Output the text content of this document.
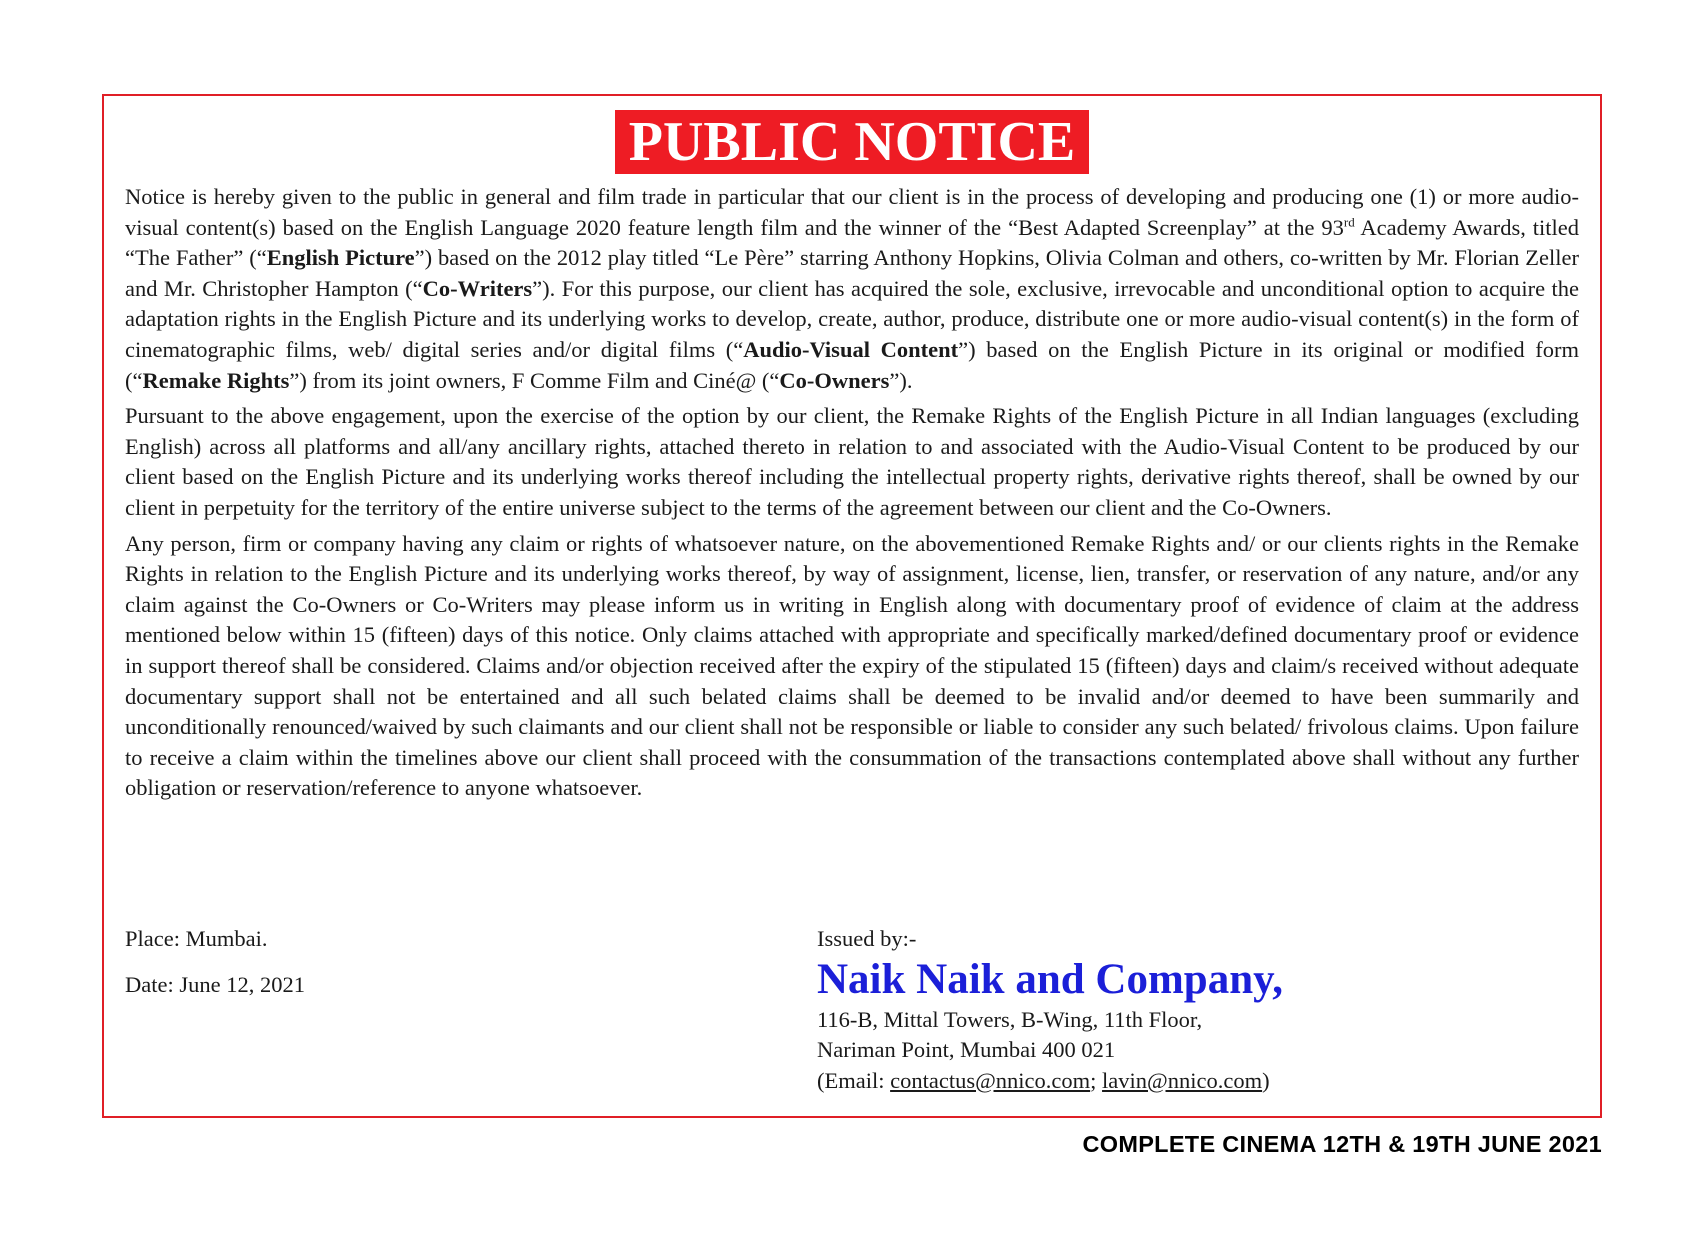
PUBLIC NOTICE

Notice is hereby given to the public in general and film trade in particular that our client is in the process of developing and producing one (1) or more audio-visual content(s) based on the English Language 2020 feature length film and the winner of the “Best Adapted Screenplay” at the 93rd Academy Awards, titled “The Father” (“English Picture”) based on the 2012 play titled “Le Père” starring Anthony Hopkins, Olivia Colman and others, co-written by Mr. Florian Zeller and Mr. Christopher Hampton (“Co-Writers”). For this purpose, our client has acquired the sole, exclusive, irrevocable and unconditional option to acquire the adaptation rights in the English Picture and its underlying works to develop, create, author, produce, distribute one or more audio-visual content(s) in the form of cinematographic films, web/ digital series and/or digital films (“Audio-Visual Content”) based on the English Picture in its original or modified form (“Remake Rights”) from its joint owners, F Comme Film and Ciné@ (“Co-Owners”).

Pursuant to the above engagement, upon the exercise of the option by our client, the Remake Rights of the English Picture in all Indian languages (excluding English) across all platforms and all/any ancillary rights, attached thereto in relation to and associated with the Audio-Visual Content to be produced by our client based on the English Picture and its underlying works thereof including the intellectual property rights, derivative rights thereof, shall be owned by our client in perpetuity for the territory of the entire universe subject to the terms of the agreement between our client and the Co-Owners.

Any person, firm or company having any claim or rights of whatsoever nature, on the abovementioned Remake Rights and/ or our clients rights in the Remake Rights in relation to the English Picture and its underlying works thereof, by way of assignment, license, lien, transfer, or reservation of any nature, and/or any claim against the Co-Owners or Co-Writers may please inform us in writing in English along with documentary proof of evidence of claim at the address mentioned below within 15 (fifteen) days of this notice. Only claims attached with appropriate and specifically marked/defined documentary proof or evidence in support thereof shall be considered. Claims and/or objection received after the expiry of the stipulated 15 (fifteen) days and claim/s received without adequate documentary support shall not be entertained and all such belated claims shall be deemed to be invalid and/or deemed to have been summarily and unconditionally renounced/waived by such claimants and our client shall not be responsible or liable to consider any such belated/ frivolous claims. Upon failure to receive a claim within the timelines above our client shall proceed with the consummation of the transactions contemplated above shall without any further obligation or reservation/reference to anyone whatsoever.

Place: Mumbai.
Date: June 12, 2021
Issued by:-
Naik Naik and Company,
116-B, Mittal Towers, B-Wing, 11th Floor,
Nariman Point, Mumbai 400 021
(Email: contactus@nnico.com; lavin@nnico.com)
COMPLETE CINEMA 12TH & 19TH JUNE 2021
